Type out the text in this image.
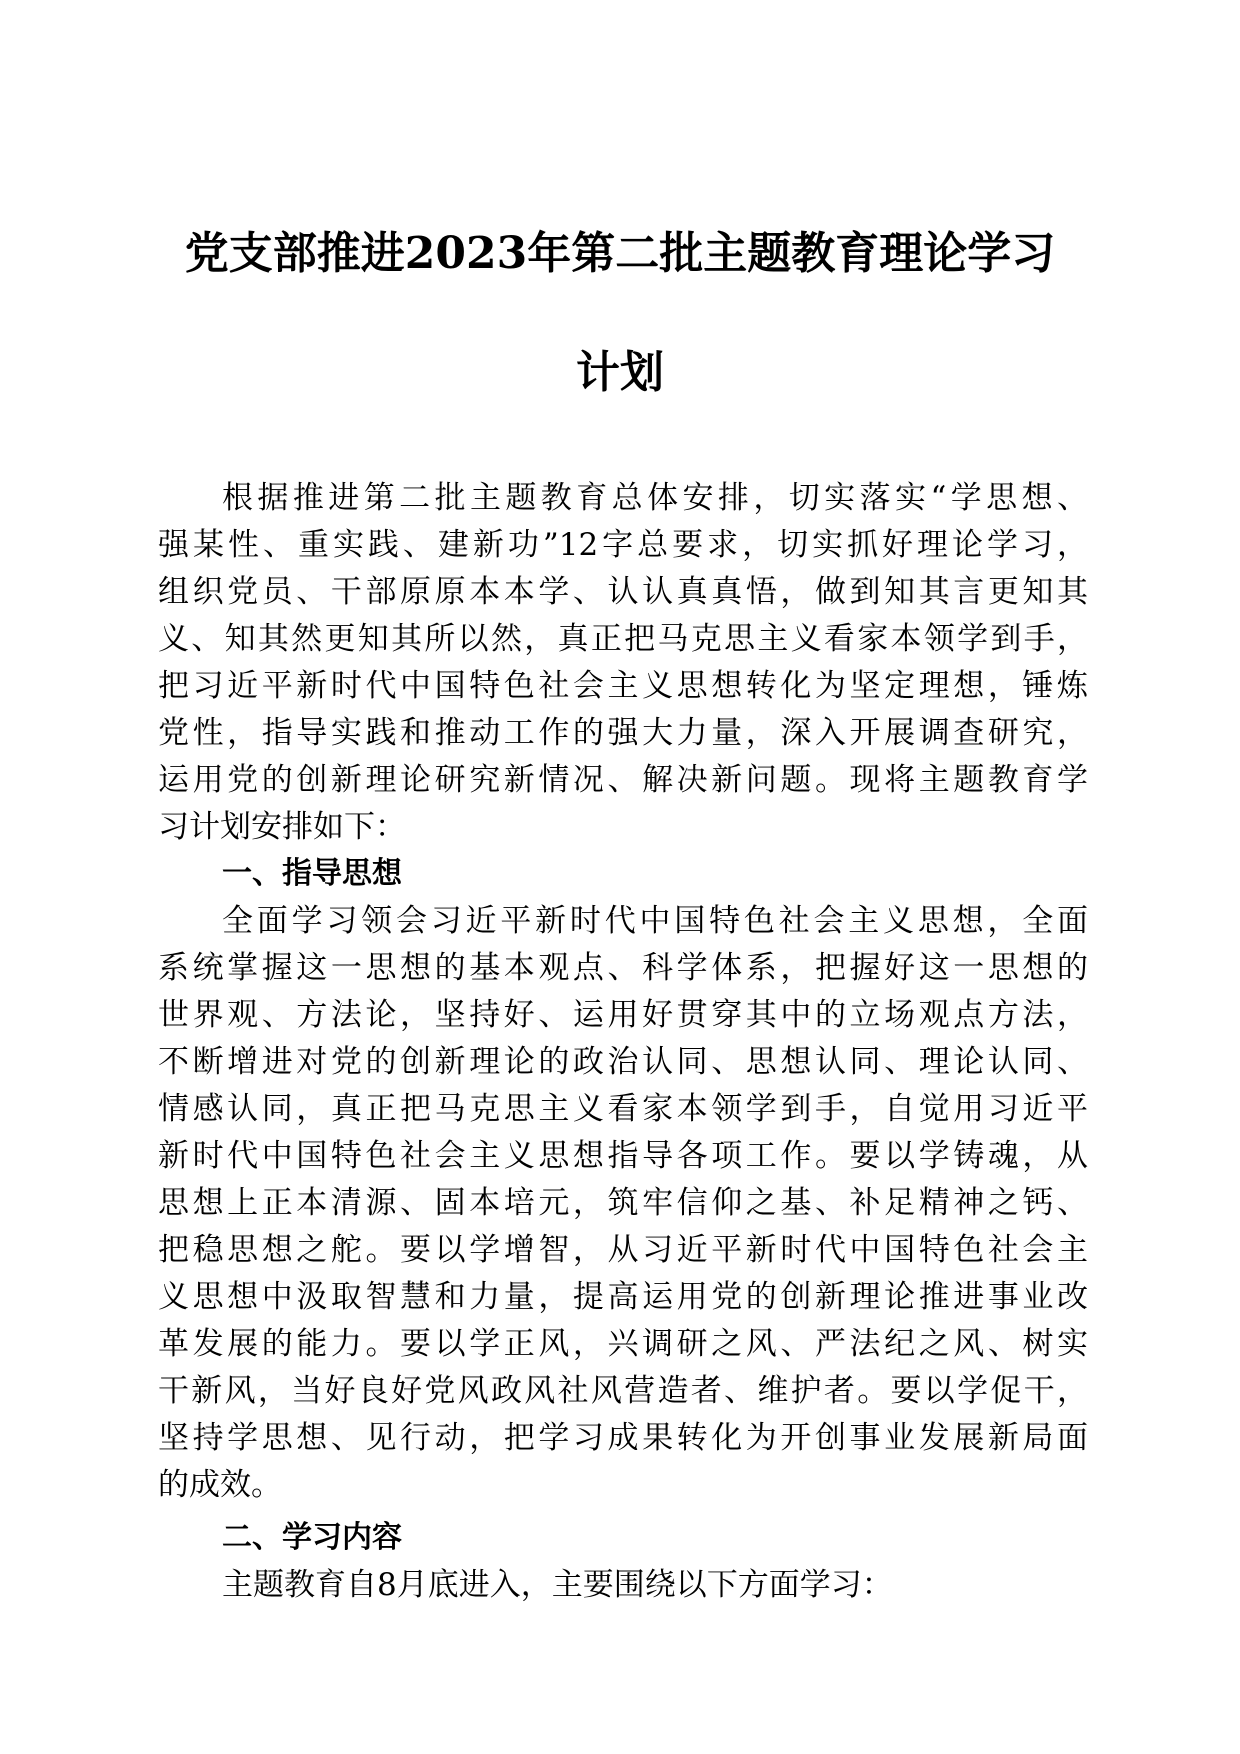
党支部推进2023年第二批主题教育理论学习
计划

根据推进第二批主题教育总体安排，切实落实“学思想、

强某性、重实践、建新功”12字总要求，切实抓好理论学习，

组织党员、干部原原本本学、认认真真悟，做到知其言更知其

义、知其然更知其所以然，真正把马克思主义看家本领学到手，

把习近平新时代中国特色社会主义思想转化为坚定理想，锤炼

党性，指导实践和推动工作的强大力量，深入开展调查研究，

运用党的创新理论研究新情况、解决新问题。现将主题教育学

习计划安排如下：

一、指导思想

全面学习领会习近平新时代中国特色社会主义思想，全面

系统掌握这一思想的基本观点、科学体系，把握好这一思想的

世界观、方法论，坚持好、运用好贯穿其中的立场观点方法，

不断增进对党的创新理论的政治认同、思想认同、理论认同、

情感认同，真正把马克思主义看家本领学到手，自觉用习近平

新时代中国特色社会主义思想指导各项工作。要以学铸魂，从

思想上正本清源、固本培元，筑牢信仰之基、补足精神之钙、

把稳思想之舵。要以学增智，从习近平新时代中国特色社会主

义思想中汲取智慧和力量，提高运用党的创新理论推进事业改

革发展的能力。要以学正风，兴调研之风、严法纪之风、树实

干新风，当好良好党风政风社风营造者、维护者。要以学促干，

坚持学思想、见行动，把学习成果转化为开创事业发展新局面

的成效。

二、学习内容

主题教育自8月底进入，主要围绕以下方面学习：
